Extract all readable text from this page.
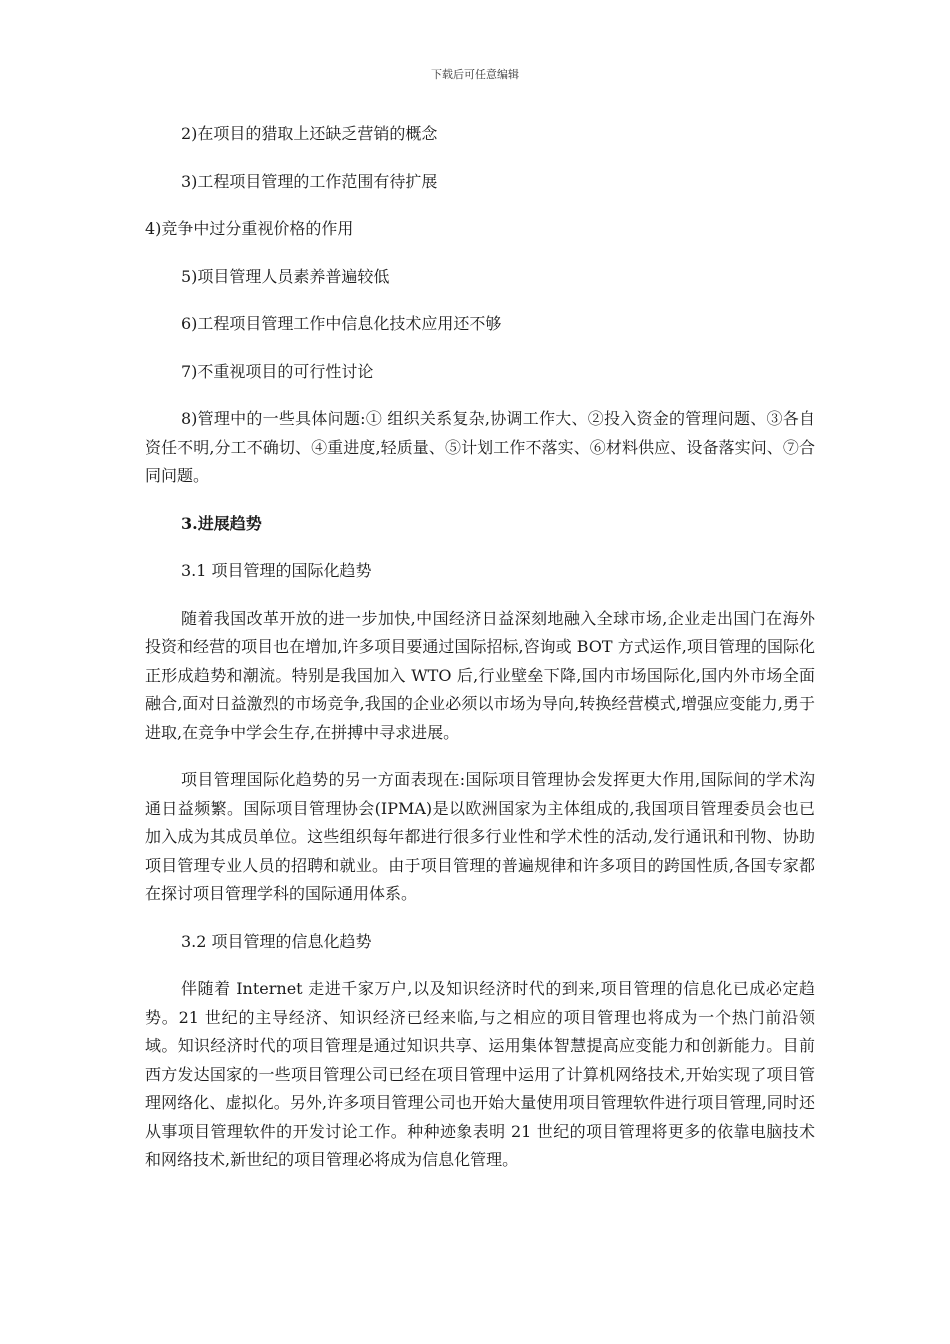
下载后可任意编辑

2)在项目的猎取上还缺乏营销的概念

3)工程项目管理的工作范围有待扩展

4)竞争中过分重视价格的作用

5)项目管理人员素养普遍较低

6)工程项目管理工作中信息化技术应用还不够

7)不重视项目的可行性讨论

8)管理中的一些具体问题:① 组织关系复杂,协调工作大、②投入资金的管理问题、③各自资任不明,分工不确切、④重进度,轻质量、⑤计划工作不落实、⑥材料供应、设备落实问、⑦合同问题。

3.进展趋势

3.1 项目管理的国际化趋势

随着我国改革开放的进一步加快,中国经济日益深刻地融入全球市场,企业走出国门在海外投资和经营的项目也在增加,许多项目要通过国际招标,咨询或 BOT 方式运作,项目管理的国际化正形成趋势和潮流。特别是我国加入 WTO 后,行业壁垒下降,国内市场国际化,国内外市场全面融合,面对日益激烈的市场竞争,我国的企业必须以市场为导向,转换经营模式,增强应变能力,勇于进取,在竞争中学会生存,在拼搏中寻求进展。

项目管理国际化趋势的另一方面表现在:国际项目管理协会发挥更大作用,国际间的学术沟通日益频繁。国际项目管理协会(IPMA)是以欧洲国家为主体组成的,我国项目管理委员会也已加入成为其成员单位。这些组织每年都进行很多行业性和学术性的活动,发行通讯和刊物、协助项目管理专业人员的招聘和就业。由于项目管理的普遍规律和许多项目的跨国性质,各国专家都在探讨项目管理学科的国际通用体系。

3.2 项目管理的信息化趋势

伴随着 Internet 走进千家万户,以及知识经济时代的到来,项目管理的信息化已成必定趋势。21 世纪的主导经济、知识经济已经来临,与之相应的项目管理也将成为一个热门前沿领域。知识经济时代的项目管理是通过知识共享、运用集体智慧提高应变能力和创新能力。目前西方发达国家的一些项目管理公司已经在项目管理中运用了计算机网络技术,开始实现了项目管理网络化、虚拟化。另外,许多项目管理公司也开始大量使用项目管理软件进行项目管理,同时还从事项目管理软件的开发讨论工作。种种迹象表明 21 世纪的项目管理将更多的依靠电脑技术和网络技术,新世纪的项目管理必将成为信息化管理。
